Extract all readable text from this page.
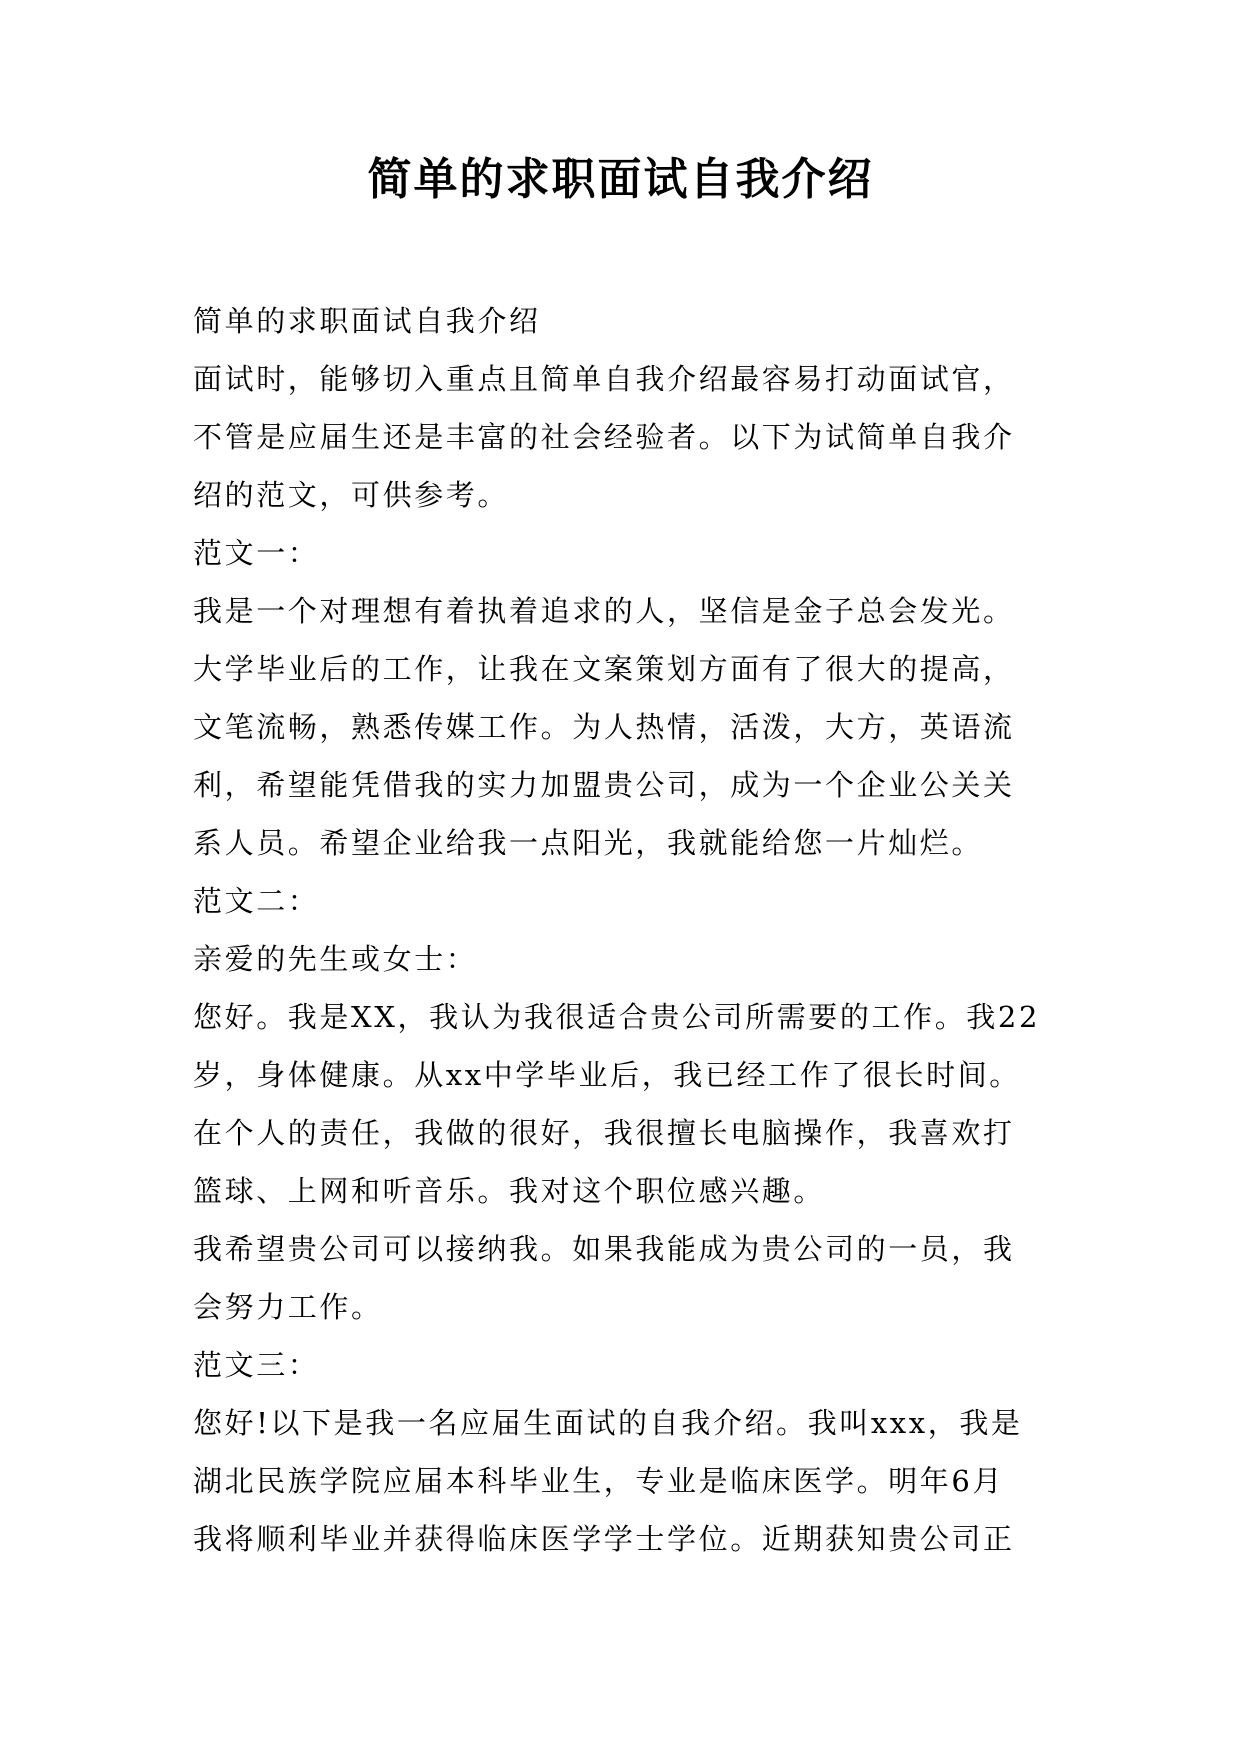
简单的求职面试自我介绍
简单的求职面试自我介绍
面试时，能够切入重点且简单自我介绍最容易打动面试官，
不管是应届生还是丰富的社会经验者。以下为试简单自我介
绍的范文，可供参考。
范文一：
我是一个对理想有着执着追求的人，坚信是金子总会发光。
大学毕业后的工作，让我在文案策划方面有了很大的提高，
文笔流畅，熟悉传媒工作。为人热情，活泼，大方，英语流
利，希望能凭借我的实力加盟贵公司，成为一个企业公关关
系人员。希望企业给我一点阳光，我就能给您一片灿烂。
范文二：
亲爱的先生或女士：
您好。我是XX，我认为我很适合贵公司所需要的工作。我22
岁，身体健康。从xx中学毕业后，我已经工作了很长时间。
在个人的责任，我做的很好，我很擅长电脑操作，我喜欢打
篮球、上网和听音乐。我对这个职位感兴趣。
我希望贵公司可以接纳我。如果我能成为贵公司的一员，我
会努力工作。
范文三：
您好!以下是我一名应届生面试的自我介绍。我叫xxx，我是
湖北民族学院应届本科毕业生，专业是临床医学。明年6月
我将顺利毕业并获得临床医学学士学位。近期获知贵公司正
